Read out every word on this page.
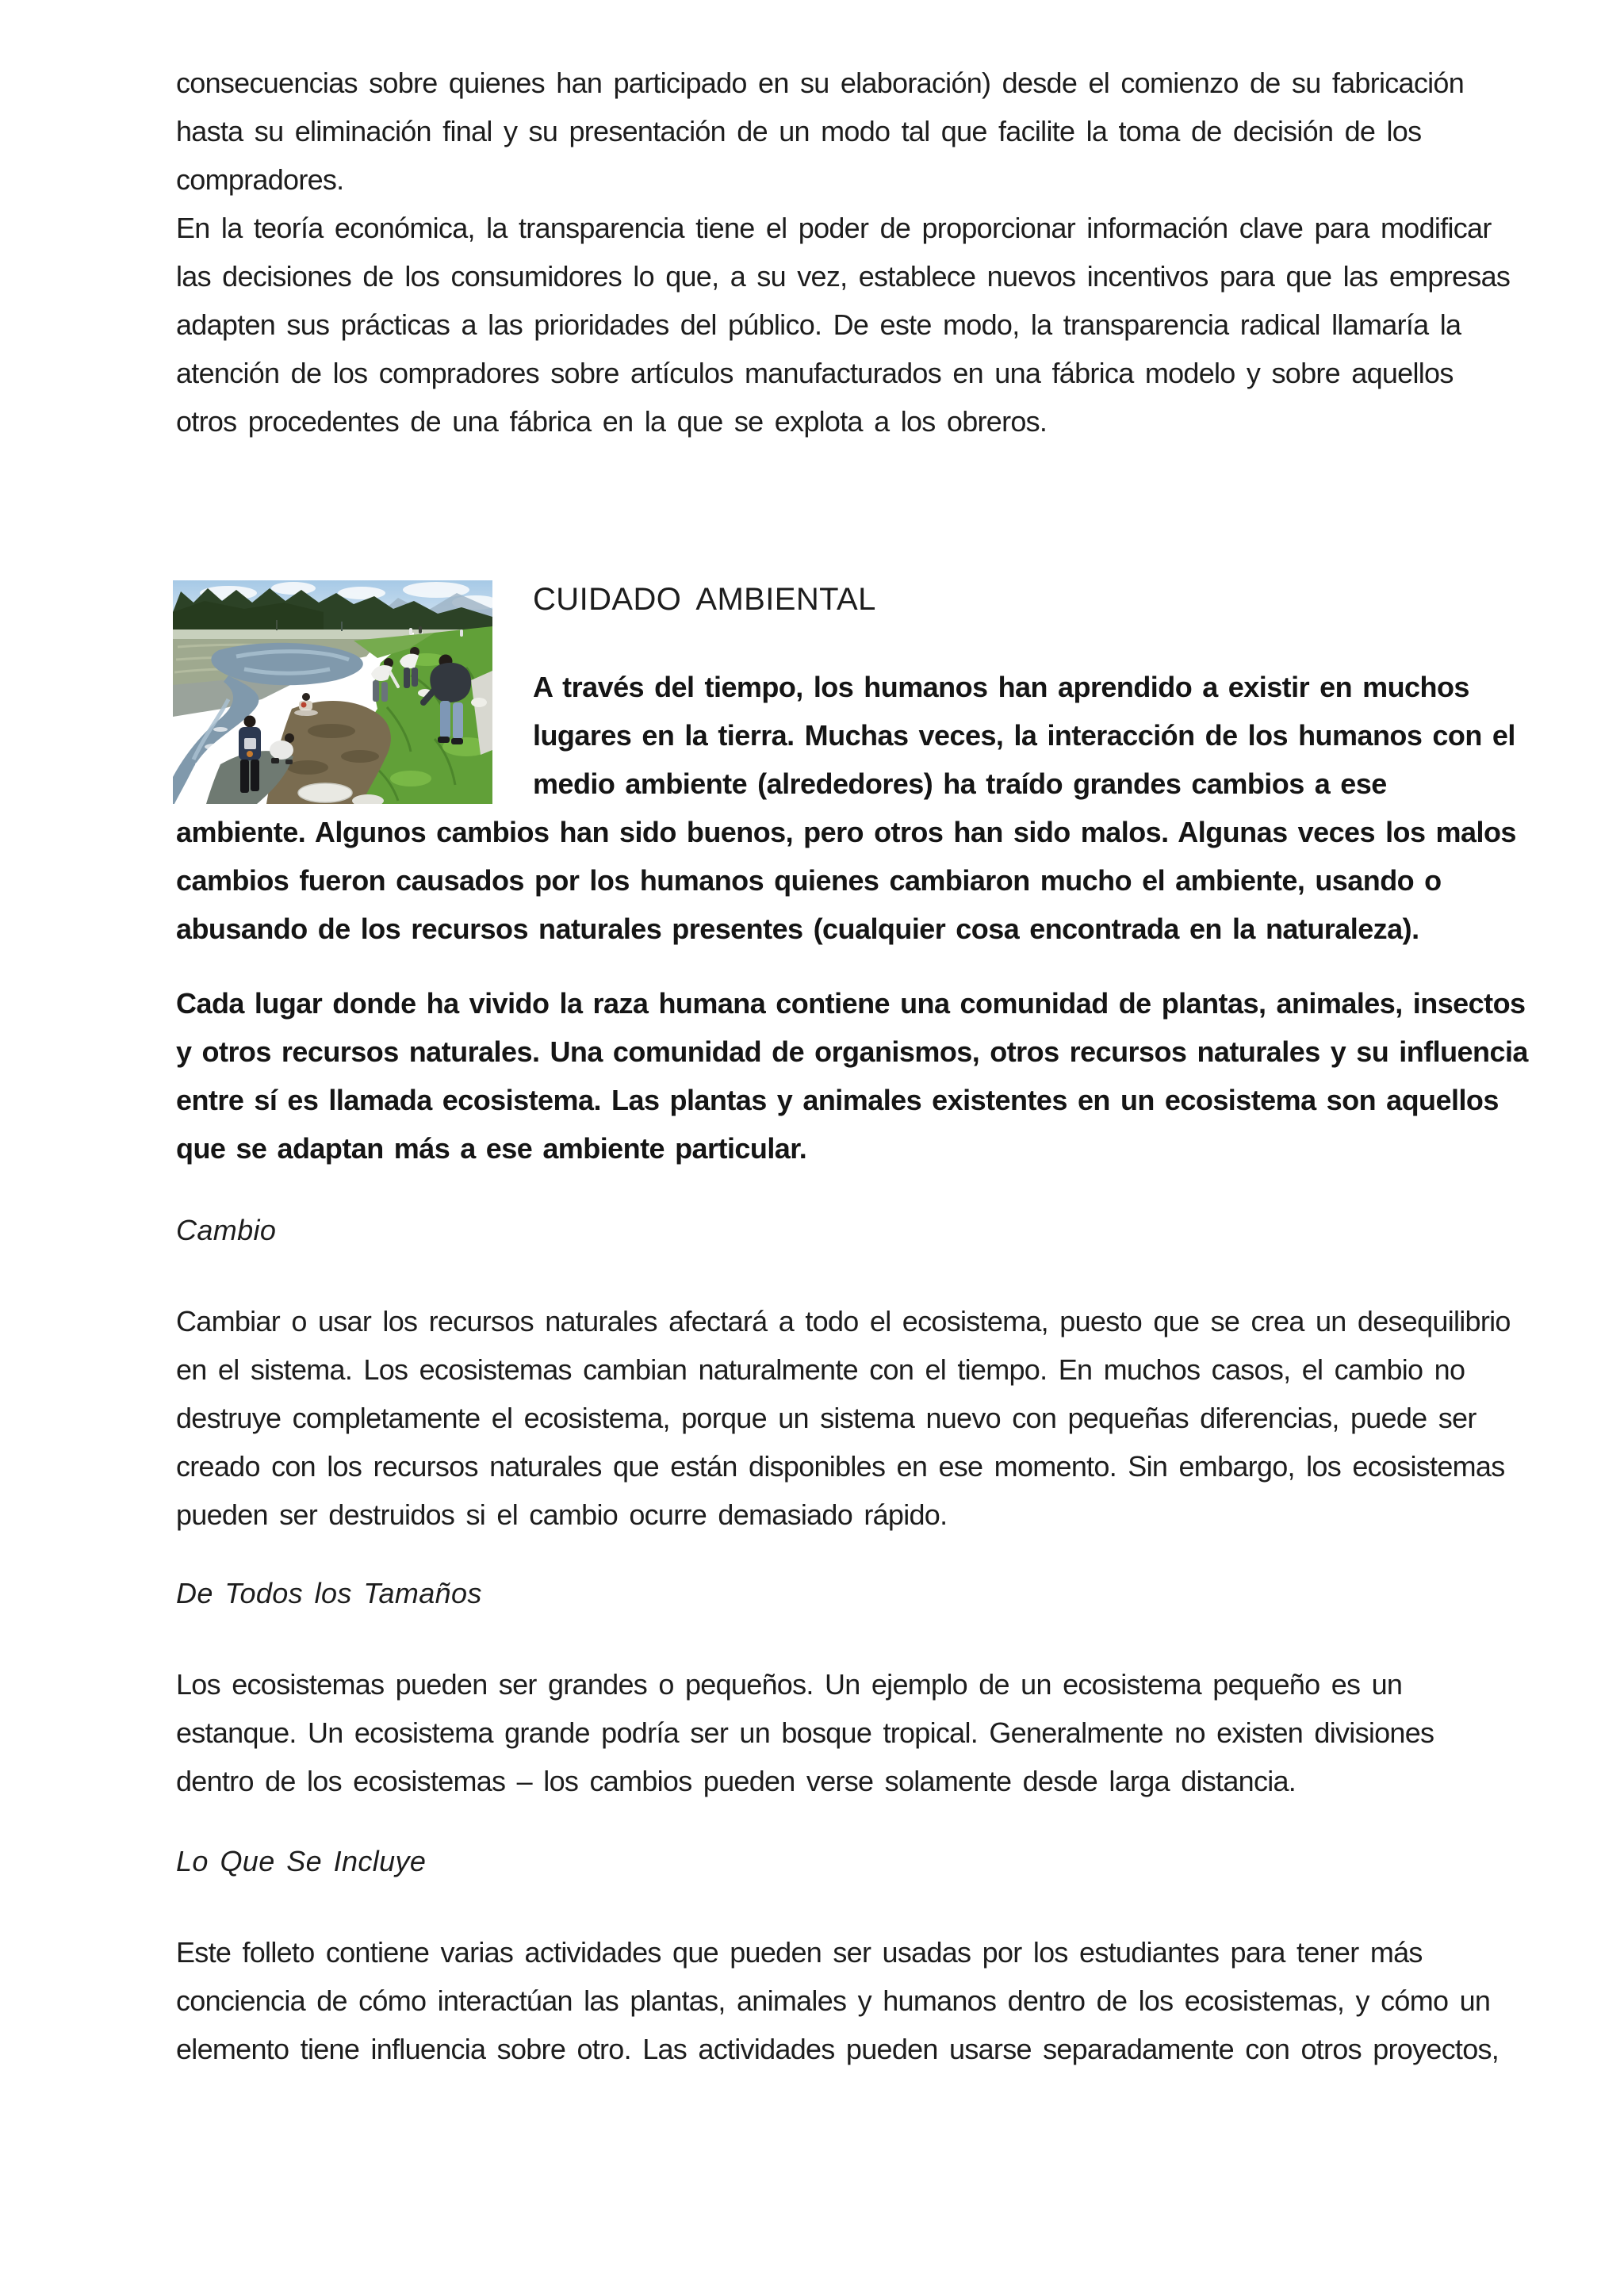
consecuencias sobre quienes han participado en su elaboración) desde el comienzo de su fabricación
hasta su eliminación final y su presentación de un modo tal que facilite la toma de decisión de los
compradores.

En la teoría económica, la transparencia tiene el poder de proporcionar información clave para modificar
las decisiones de los consumidores lo que, a su vez, establece nuevos incentivos para que las empresas
adapten sus prácticas a las prioridades del público. De este modo, la transparencia radical llamaría la
atención de los compradores sobre artículos manufacturados en una fábrica modelo y sobre aquellos
otros procedentes de una fábrica en la que se explota a los obreros.

CUIDADO AMBIENTAL

A través del tiempo, los humanos han aprendido a existir en muchos
lugares en la tierra. Muchas veces, la interacción de los humanos con el
medio ambiente (alrededores) ha traído grandes cambios a ese

ambiente. Algunos cambios han sido buenos, pero otros han sido malos. Algunas veces los malos
cambios fueron causados por los humanos quienes cambiaron mucho el ambiente, usando o
abusando de los recursos naturales presentes (cualquier cosa encontrada en la naturaleza).

Cada lugar donde ha vivido la raza humana contiene una comunidad de plantas, animales, insectos
y otros recursos naturales. Una comunidad de organismos, otros recursos naturales y su influencia
entre sí es llamada ecosistema. Las plantas y animales existentes en un ecosistema son aquellos
que se adaptan más a ese ambiente particular.

Cambio

Cambiar o usar los recursos naturales afectará a todo el ecosistema, puesto que se crea un desequilibrio
en el sistema. Los ecosistemas cambian naturalmente con el tiempo. En muchos casos, el cambio no
destruye completamente el ecosistema, porque un sistema nuevo con pequeñas diferencias, puede ser
creado con los recursos naturales que están disponibles en ese momento. Sin embargo, los ecosistemas
pueden ser destruidos si el cambio ocurre demasiado rápido.

De Todos los Tamaños

Los ecosistemas pueden ser grandes o pequeños. Un ejemplo de un ecosistema pequeño es un
estanque. Un ecosistema grande podría ser un bosque tropical. Generalmente no existen divisiones
dentro de los ecosistemas – los cambios pueden verse solamente desde larga distancia.

Lo Que Se Incluye

Este folleto contiene varias actividades que pueden ser usadas por los estudiantes para tener más
conciencia de cómo interactúan las plantas, animales y humanos dentro de los ecosistemas, y cómo un
elemento tiene influencia sobre otro. Las actividades pueden usarse separadamente con otros proyectos,
